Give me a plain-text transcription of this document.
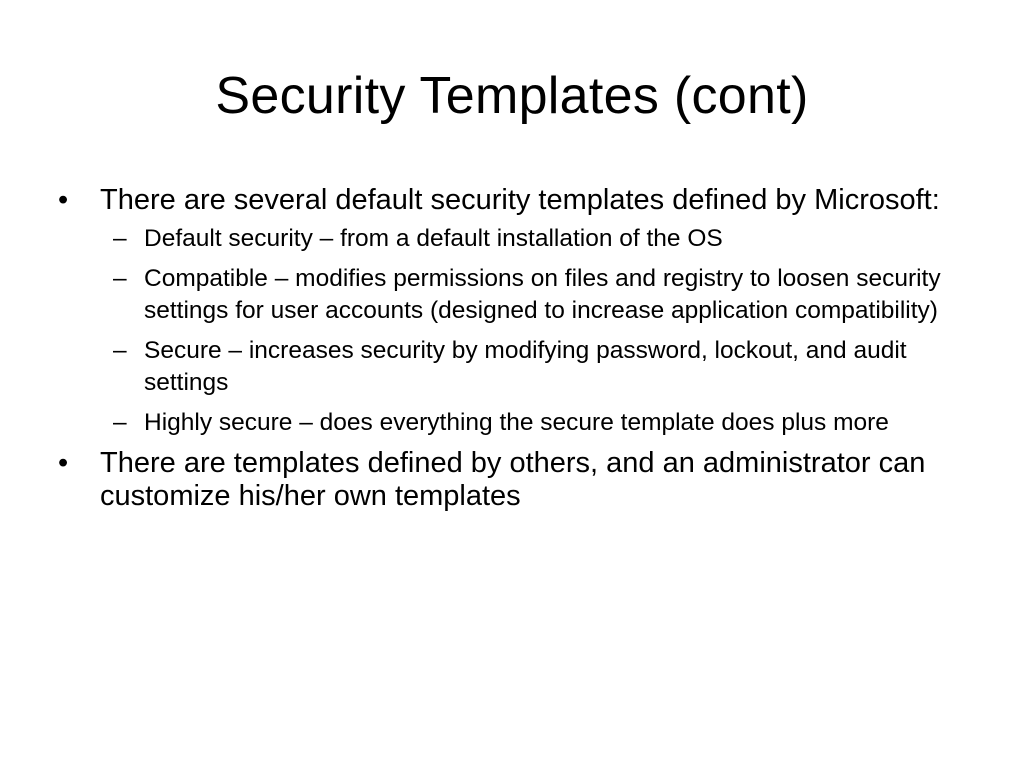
Security Templates (cont)
•	There are several default security templates defined by Microsoft:
– Default security – from a default installation of the OS
– Compatible – modifies permissions on files and registry to loosen security settings for user accounts (designed to increase application compatibility)
– Secure – increases security by modifying password, lockout, and audit settings
– Highly secure – does everything the secure template does plus more
•	There are templates defined by others, and an administrator can customize his/her own templates
